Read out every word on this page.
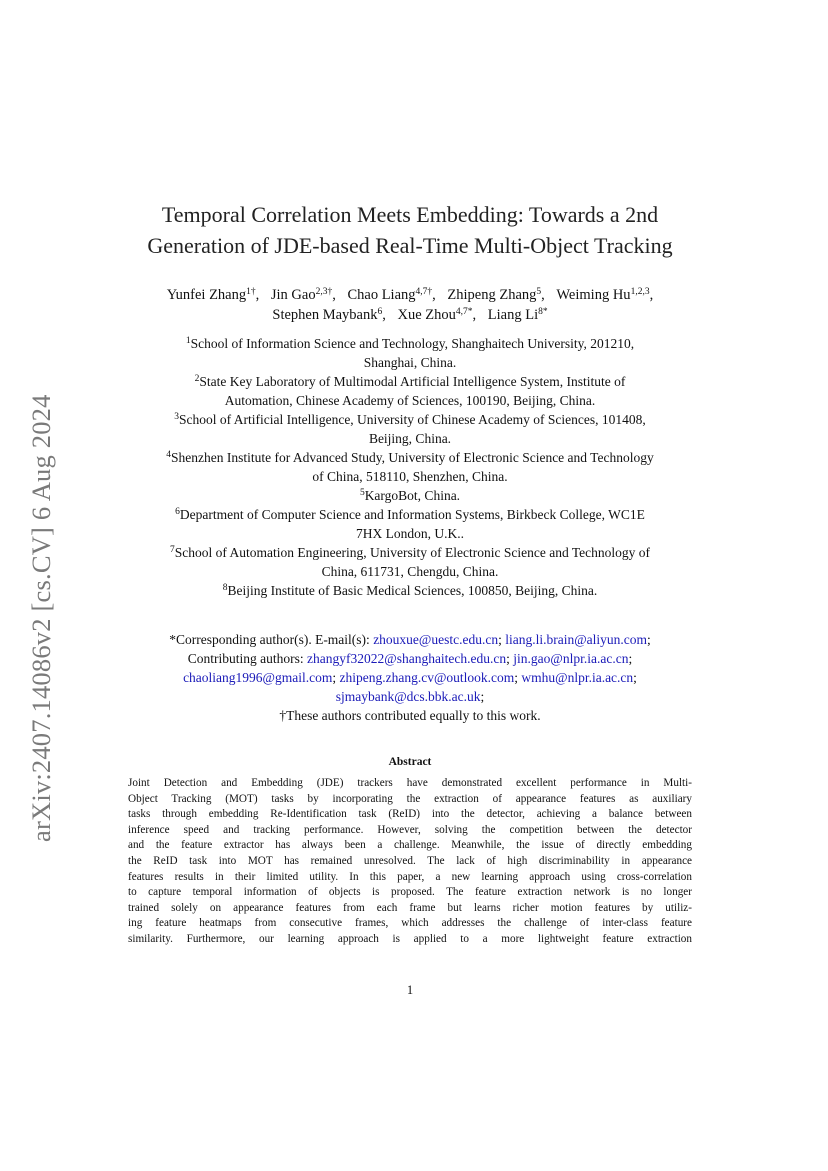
arXiv:2407.14086v2 [cs.CV] 6 Aug 2024
Temporal Correlation Meets Embedding: Towards a 2nd
Generation of JDE-based Real-Time Multi-Object Tracking
Yunfei Zhang$^{1\dagger}$, Jin Gao$^{2,3\dagger}$, Chao Liang$^{4,7\dagger}$, Zhipeng Zhang$^5$, Weiming Hu$^{1,2,3}$,
Stephen Maybank$^6$, Xue Zhou$^{4,7*}$, Liang $Li^{8*}$
$^1$School of Information Science and Technology, Shanghaitech University, 201210,
Shanghai, China.
$^2$State Key Laboratory of Multimodal Artificial Intelligence System, Institute of
Automation, Chinese Academy of Sciences, 100190, Beijing, China.
$^3$School of Artificial Intelligence, University of Chinese Academy of Sciences, 101408,
Beijing, China.
$^4$Shenzhen Institute for Advanced Study, University of Electronic Science and Technology
of China, 518110, Shenzhen, China.
$^5$KargoBot, China.
$^6$Department of Computer Science and Information Systems, Birkbeck College, WC1E
7HX London, U.K..
$^7$School of Automation Engineering, University of Electronic Science and Technology of
China, 611731, Chengdu, China.
$^8$Beijing Institute of Basic Medical Sciences, 100850, Beijing, China.
*Corresponding author(s). E-mail(s): zhouxue@uestc.edu.cn; liang.li.brain@aliyun.com;
Contributing authors: zhangyf32022@shanghaitech.edu.cn; jin.gao@nlpr.ia.ac.cn;
chaoliang1996@gmail.com; zhipeng.zhang.cv@outlook.com; wmhu@nlpr.ia.ac.cn;
sjmaybank@dcs.bbk.ac.uk;
†These authors contributed equally to this work.
Abstract
Joint Detection and Embedding (JDE) trackers have demonstrated excellent performance in Multi-
Object Tracking (MOT) tasks by incorporating the extraction of appearance features as auxiliary
tasks through embedding Re-Identification task (ReID) into the detector, achieving a balance between
inference speed and tracking performance. However, solving the competition between the detector
and the feature extractor has always been a challenge. Meanwhile, the issue of directly embedding
the ReID task into MOT has remained unresolved. The lack of high discriminability in appearance
features results in their limited utility. In this paper, a new learning approach using cross-correlation
to capture temporal information of objects is proposed. The feature extraction network is no longer
trained solely on appearance features from each frame but learns richer motion features by utiliz-
ing feature heatmaps from consecutive frames, which addresses the challenge of inter-class feature
similarity. Furthermore, our learning approach is applied to a more lightweight feature extraction
1
